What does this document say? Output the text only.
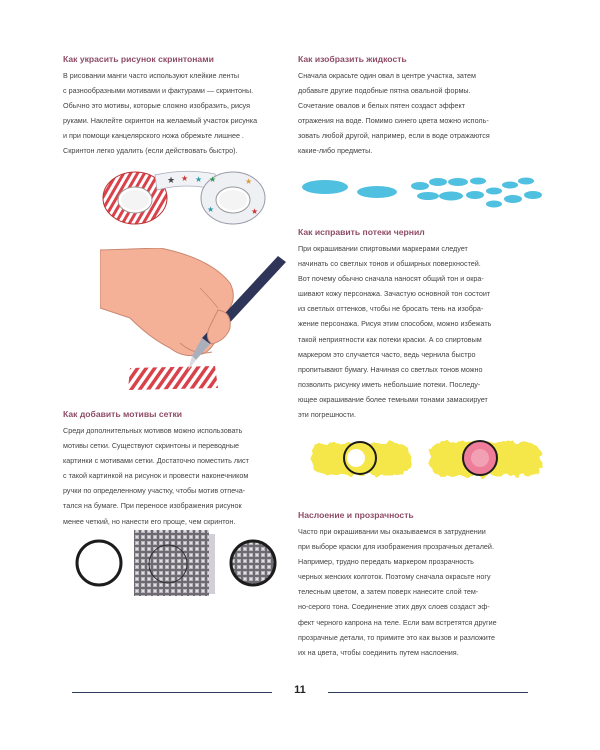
Как украсить рисунок скринтонами
В рисовании манги часто используют клейкие ленты
с разнообразными мотивами и фактурами — скринтоны.
Обычно это мотивы, которые сложно изобразить, рисуя
руками. Наклейте скринтон на желаемый участок рисунка
и при помощи канцелярского ножа обрежьте лишнее .
Скринтон легко удалить (если действовать быстро).
★ ★ ★ ★	★
★	★
Как добавить мотивы сетки
Среди дополнительных мотивов можно использовать
мотивы сетки. Существуют скринтоны и переводные
картинки с мотивами сетки. Достаточно поместить лист
с такой картинкой на рисунок и провести наконечником
ручки по определенному участку, чтобы мотив отпеча-
тался на бумаге. При переносе изображения рисунок
менее четкий, но нанести его проще, чем скринтон.
Как изобразить жидкость
Сначала окрасьте один овал в центре участка, затем
добавьте другие подобные пятна овальной формы.
Сочетание овалов и белых пятен создаст эффект
отражения на воде. Помимо синего цвета можно исполь-
зовать любой другой, например, если в воде отражаются
какие-либо предметы.
Как исправить потеки чернил
При окрашивании спиртовыми маркерами следует
начинать со светлых тонов и обширных поверхностей.
Вот почему обычно сначала наносят общий тон и окра-
шивают кожу персонажа. Зачастую основной тон состоит
из светлых оттенков, чтобы не бросать тень на изобра-
жение персонажа. Рисуя этим способом, можно избежать
такой неприятности как потеки краски. А со спиртовым
маркером это случается часто, ведь чернила быстро
пропитывают бумагу. Начиная со светлых тонов можно
позволить рисунку иметь небольшие потеки. Последу-
ющее окрашивание более темными тонами замаскирует
эти погрешности.
Наслоение и прозрачность
Часто при окрашивании мы оказываемся в затруднении
при выборе краски для изображения прозрачных деталей.
Например, трудно передать маркером прозрачность
черных женских колготок. Поэтому сначала окрасьте ногу
телесным цветом, а затем поверх нанесите слой тем-
но-серого тона. Соединение этих двух слоев создаст эф-
фект черного капрона на теле. Если вам встретятся другие
прозрачные детали, то примите это как вызов и разложите
их на цвета, чтобы соединить путем наслоения.
11
